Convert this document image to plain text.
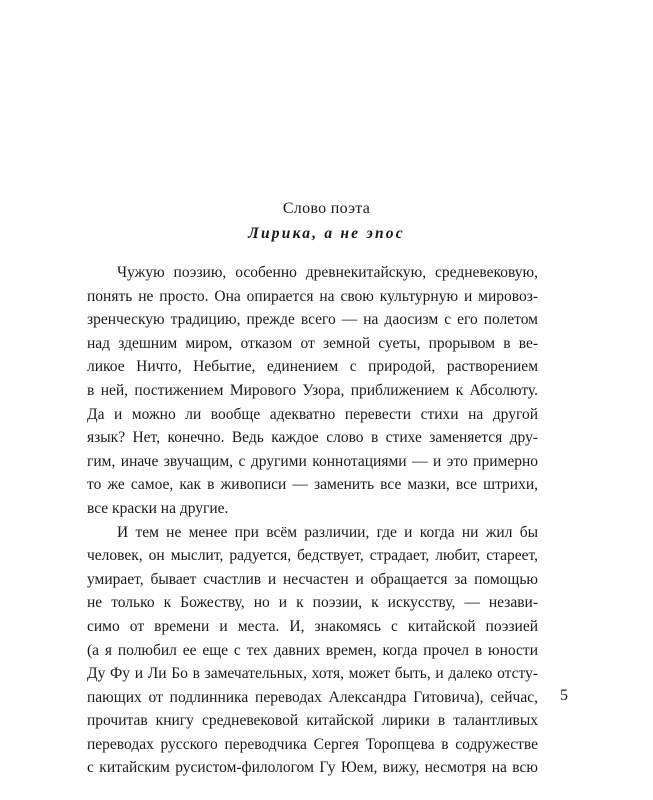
Слово поэта
Лирика, а не эпос
Чужую поэзию, особенно древнекитайскую, средневековую,
понять не просто. Она опирается на свою культурную и мировоз-
зренческую традицию, прежде всего — на даосизм с его полетом
над здешним миром, отказом от земной суеты, прорывом в ве-
ликое Ничто, Небытие, единением с природой, растворением
в ней, постижением Мирового Узора, приближением к Абсолюту.
Да и можно ли вообще адекватно перевести стихи на другой
язык? Нет, конечно. Ведь каждое слово в стихе заменяется дру-
гим, иначе звучащим, с другими коннотациями — и это примерно
то же самое, как в живописи — заменить все мазки, все штрихи,
все краски на другие.
И тем не менее при всём различии, где и когда ни жил бы
человек, он мыслит, радуется, бедствует, страдает, любит, стареет,
умирает, бывает счастлив и несчастен и обращается за помощью
не только к Божеству, но и к поэзии, к искусству, — незави-
симо от времени и места. И, знакомясь с китайской поэзией
(а я полюбил ее еще с тех давних времен, когда прочел в юности
Ду Фу и Ли Бо в замечательных, хотя, может быть, и далеко отсту-
пающих от подлинника переводах Александра Гитовича), сейчас,
прочитав книгу средневековой китайской лирики в талантливых
переводах русского переводчика Сергея Торопцева в содружестве
с китайским русистом-филологом Гу Юем, вижу, несмотря на всю
5
